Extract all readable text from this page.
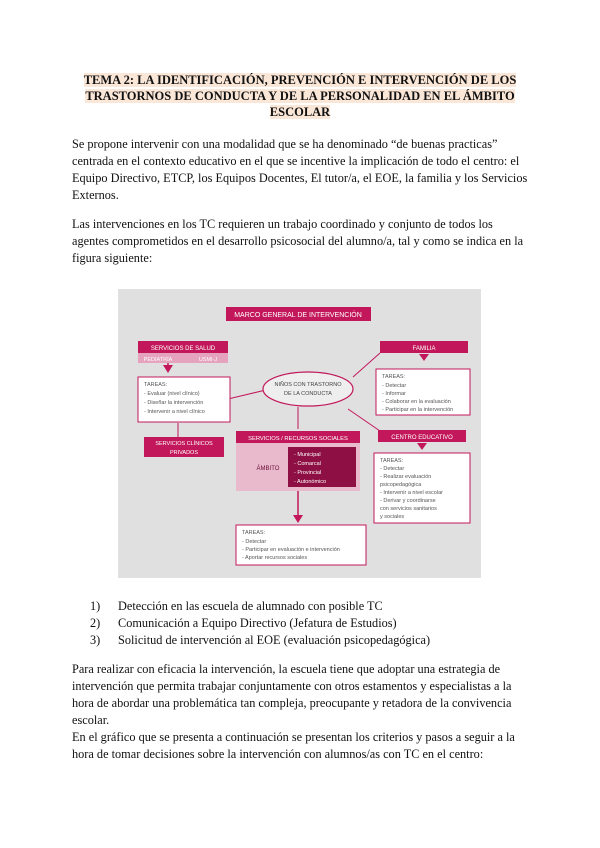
TEMA 2: LA IDENTIFICACIÓN, PREVENCIÓN E INTERVENCIÓN DE LOS TRASTORNOS DE CONDUCTA Y DE LA PERSONALIDAD EN EL ÁMBITO ESCOLAR
Se propone intervenir con una modalidad que se ha denominado “de buenas practicas” centrada en el contexto educativo en el que se incentive la implicación de todo el centro: el Equipo Directivo, ETCP, los Equipos Docentes, El tutor/a, el EOE, la familia y los Servicios Externos.
Las intervenciones en los TC requieren un trabajo coordinado y conjunto de todos los agentes comprometidos en el desarrollo psicosocial del alumno/a, tal y como se indica en la figura siguiente:
MARCO GENERAL DE INTERVENCIÓN
NIÑOS CON TRASTORNO
DE LA CONDUCTA
SERVICIOS DE SALUD
PEDIATRÍA	USMI-J
TAREAS:
- Evaluar (nivel clínico)
- Diseñar la intervención
- Intervenir a nivel clínico
SERVICIOS CLÍNICOS
PRIVADOS
FAMILIA
TAREAS:
- Detectar
- Informar
- Colaborar en la evaluación
- Participar en la intervención
CENTRO EDUCATIVO
TAREAS:
- Detectar
- Realizar evaluación
psicopedagógica
- Intervenir a nivel escolar
- Derivar y coordinarse
con servicios sanitarios
y sociales
SERVICIOS / RECURSOS SOCIALES
ÁMBITO
- Municipal
- Comarcal
- Provincial
- Autonómico
TAREAS:
- Detectar
- Participar en evaluación e intervención
- Aportar recursos sociales
1) Detección en las escuela de alumnado con posible TC
2) Comunicación a Equipo Directivo (Jefatura de Estudios)
3) Solicitud de intervención al EOE (evaluación psicopedagógica)
Para realizar con eficacia la intervención, la escuela tiene que adoptar una estrategia de intervención que permita trabajar conjuntamente con otros estamentos y especialistas a la hora de abordar una problemática tan compleja, preocupante y retadora de la convivencia escolar.
En el gráfico que se presenta a continuación se presentan los criterios y pasos a seguir a la hora de tomar decisiones sobre la intervención con alumnos/as con TC en el centro:
